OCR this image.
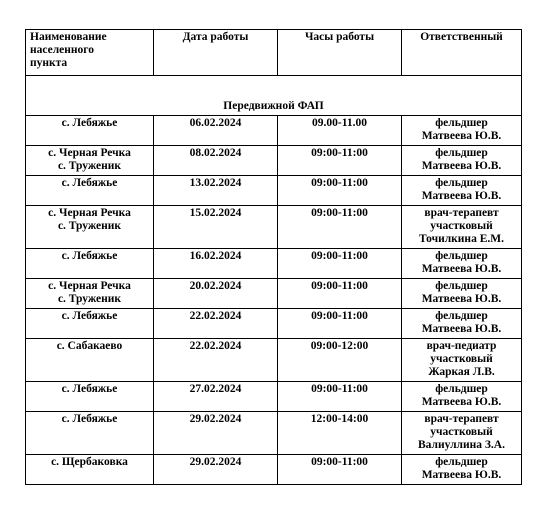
Наименование
населенного
пункта	Дата работы	Часы работы	Ответственный
Передвижной ФАП			

с. Лебяжье	06.02.2024	09.00-11.00	фельдшер
Матвеева Ю.В.

с. Черная Речка
с. Труженик	08.02.2024	09:00-11:00	фельдшер
Матвеева Ю.В.

с. Лебяжье	13.02.2024	09:00-11:00	фельдшер
Матвеева Ю.В.

с. Черная Речка
с. Труженик	15.02.2024	09:00-11:00	врач-терапевт
участковый
Точилкина Е.М.

с. Лебяжье	16.02.2024	09:00-11:00	фельдшер
Матвеева Ю.В.

с. Черная Речка
с. Труженик	20.02.2024	09:00-11:00	фельдшер
Матвеева Ю.В.

с. Лебяжье	22.02.2024	09:00-11:00	фельдшер
Матвеева Ю.В.

с. Сабакаево	22.02.2024	09:00-12:00	врач-педиатр
участковый
Жаркая Л.В.

с. Лебяжье	27.02.2024	09:00-11:00	фельдшер
Матвеева Ю.В.

с. Лебяжье	29.02.2024	12:00-14:00	врач-терапевт
участковый
Валиуллина З.А.

с. Щербаковка	29.02.2024	09:00-11:00	фельдшер
Матвеева Ю.В.
